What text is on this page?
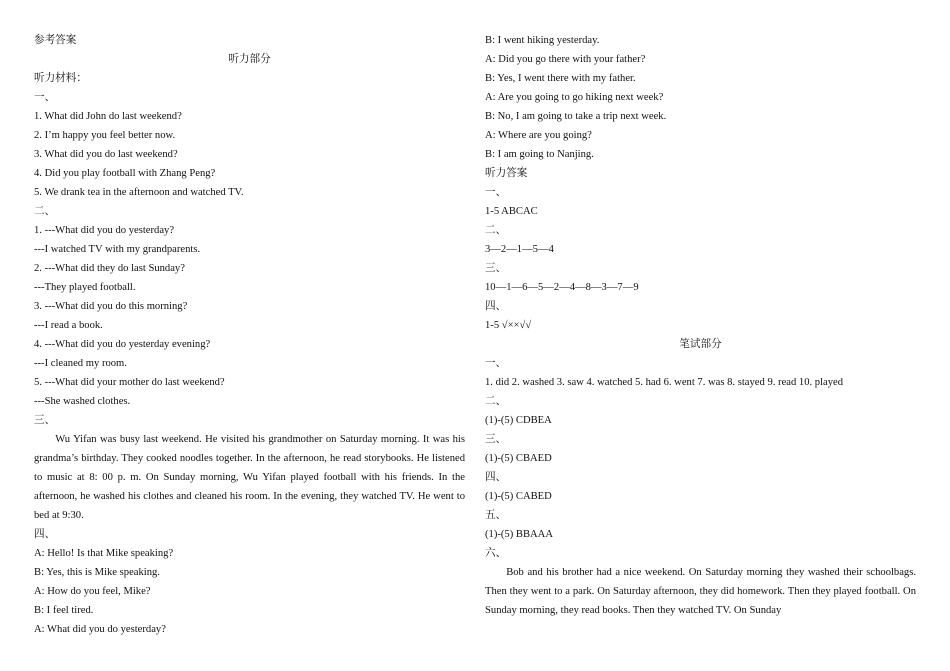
参考答案
听力部分
听力材料：
一、
1. What did John do last weekend?
2. I’m happy you feel better now.
3. What did you do last weekend?
4. Did you play football with Zhang Peng?
5. We drank tea in the afternoon and watched TV.
二、
1. ---What did you do yesterday?
---I watched TV with my grandparents.
2. ---What did they do last Sunday?
---They played football.
3. ---What did you do this morning?
---I read a book.
4. ---What did you do yesterday evening?
---I cleaned my room.
5. ---What did your mother do last weekend?
---She washed clothes.
三、

Wu Yifan was busy last weekend. He visited his grandmother on Saturday morning. It was his grandma’s birthday. They cooked noodles together. In the afternoon, he read storybooks. He listened to music at 8: 00 p. m. On Sunday morning, Wu Yifan played football with his friends. In the afternoon, he washed his clothes and cleaned his room. In the evening, they watched TV. He went to bed at 9:30.

四、
A: Hello! Is that Mike speaking?
B: Yes, this is Mike speaking.
A: How do you feel, Mike?
B: I feel tired.
A: What did you do yesterday?
B: I went hiking yesterday.
A: Did you go there with your father?
B: Yes, I went there with my father.
A: Are you going to go hiking next week?
B: No, I am going to take a trip next week.
A: Where are you going?
B: I am going to Nanjing.
听力答案
一、
1-5 ABCAC
二、
3—2—1—5—4
三、
10—1—6—5—2—4—8—3—7—9
四、
1-5 √××√√
笔试部分
一、
1. did 2. washed 3. saw 4. watched 5. had 6. went 7. was 8. stayed 9. read 10. played
二、
(1)-(5) CDBEA
三、
(1)-(5) CBAED
四、
(1)-(5) CABED
五、
(1)-(5) BBAAA
六、

Bob and his brother had a nice weekend. On Saturday morning they washed their schoolbags. Then they went to a park. On Saturday afternoon, they did homework. Then they played football. On Sunday morning, they read books. Then they watched TV. On Sunday
